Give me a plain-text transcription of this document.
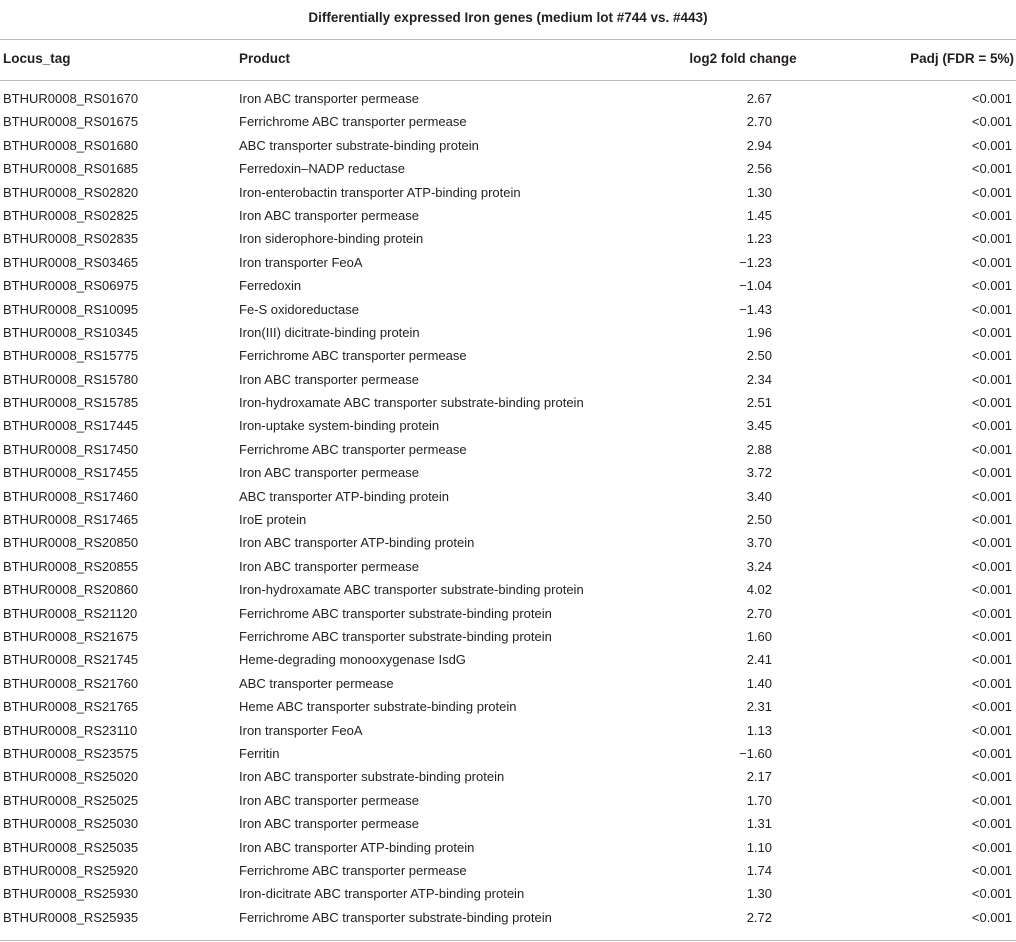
Differentially expressed Iron genes (medium lot #744 vs. #443)
Locus_tag	Product	log2 fold change	Padj (FDR = 5%)
BTHUR0008_RS01670	Iron ABC transporter permease	2.67	<0.001
BTHUR0008_RS01675	Ferrichrome ABC transporter permease	2.70	<0.001
BTHUR0008_RS01680	ABC transporter substrate-binding protein	2.94	<0.001
BTHUR0008_RS01685	Ferredoxin–NADP reductase	2.56	<0.001
BTHUR0008_RS02820	Iron-enterobactin transporter ATP-binding protein	1.30	<0.001
BTHUR0008_RS02825	Iron ABC transporter permease	1.45	<0.001
BTHUR0008_RS02835	Iron siderophore-binding protein	1.23	<0.001
BTHUR0008_RS03465	Iron transporter FeoA	−1.23	<0.001
BTHUR0008_RS06975	Ferredoxin	−1.04	<0.001
BTHUR0008_RS10095	Fe-S oxidoreductase	−1.43	<0.001
BTHUR0008_RS10345	Iron(III) dicitrate-binding protein	1.96	<0.001
BTHUR0008_RS15775	Ferrichrome ABC transporter permease	2.50	<0.001
BTHUR0008_RS15780	Iron ABC transporter permease	2.34	<0.001
BTHUR0008_RS15785	Iron-hydroxamate ABC transporter substrate-binding protein	2.51	<0.001
BTHUR0008_RS17445	Iron-uptake system-binding protein	3.45	<0.001
BTHUR0008_RS17450	Ferrichrome ABC transporter permease	2.88	<0.001
BTHUR0008_RS17455	Iron ABC transporter permease	3.72	<0.001
BTHUR0008_RS17460	ABC transporter ATP-binding protein	3.40	<0.001
BTHUR0008_RS17465	IroE protein	2.50	<0.001
BTHUR0008_RS20850	Iron ABC transporter ATP-binding protein	3.70	<0.001
BTHUR0008_RS20855	Iron ABC transporter permease	3.24	<0.001
BTHUR0008_RS20860	Iron-hydroxamate ABC transporter substrate-binding protein	4.02	<0.001
BTHUR0008_RS21120	Ferrichrome ABC transporter substrate-binding protein	2.70	<0.001
BTHUR0008_RS21675	Ferrichrome ABC transporter substrate-binding protein	1.60	<0.001
BTHUR0008_RS21745	Heme-degrading monooxygenase IsdG	2.41	<0.001
BTHUR0008_RS21760	ABC transporter permease	1.40	<0.001
BTHUR0008_RS21765	Heme ABC transporter substrate-binding protein	2.31	<0.001
BTHUR0008_RS23110	Iron transporter FeoA	1.13	<0.001
BTHUR0008_RS23575	Ferritin	−1.60	<0.001
BTHUR0008_RS25020	Iron ABC transporter substrate-binding protein	2.17	<0.001
BTHUR0008_RS25025	Iron ABC transporter permease	1.70	<0.001
BTHUR0008_RS25030	Iron ABC transporter permease	1.31	<0.001
BTHUR0008_RS25035	Iron ABC transporter ATP-binding protein	1.10	<0.001
BTHUR0008_RS25920	Ferrichrome ABC transporter permease	1.74	<0.001
BTHUR0008_RS25930	Iron-dicitrate ABC transporter ATP-binding protein	1.30	<0.001
BTHUR0008_RS25935	Ferrichrome ABC transporter substrate-binding protein	2.72	<0.001
